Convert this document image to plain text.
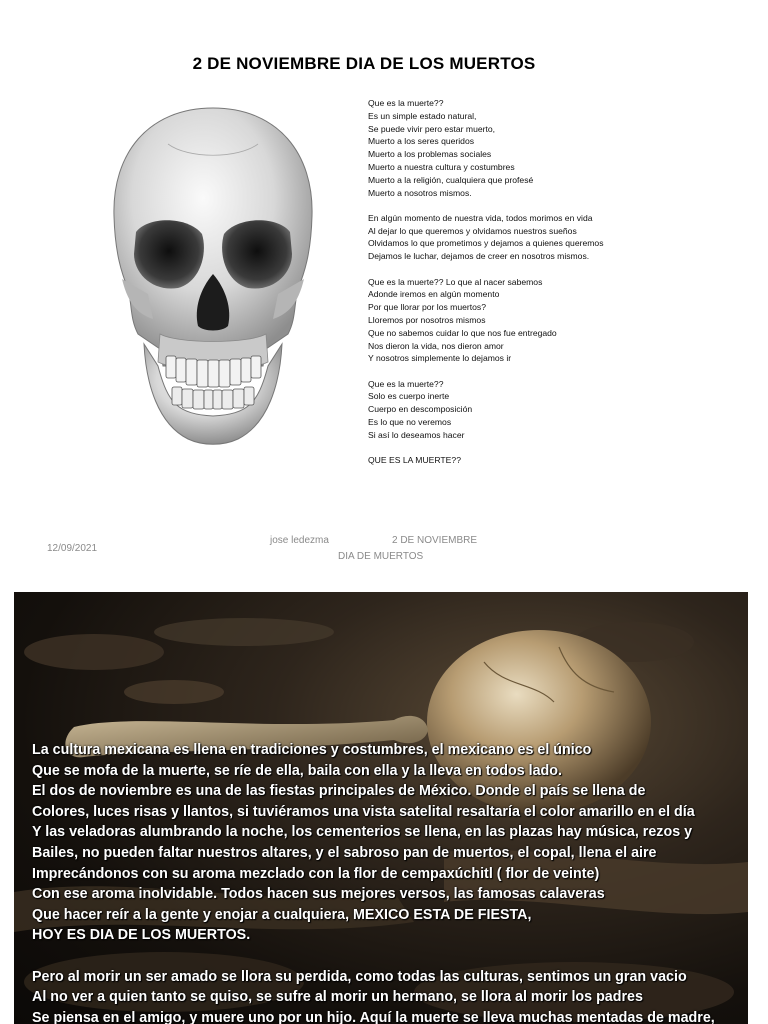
2 DE NOVIEMBRE DIA DE LOS MUERTOS
Que es la muerte??
Es un simple estado natural,
Se puede vivir pero estar muerto,
Muerto a los seres queridos
Muerto a los problemas sociales
Muerto a nuestra cultura y costumbres
Muerto a la religión, cualquiera que profesé
Muerto a nosotros mismos.
En algún momento de nuestra vida, todos morimos en vida
Al dejar lo que queremos y olvidamos nuestros sueños
Olvidamos lo que prometimos y dejamos a quienes queremos
Dejamos le luchar, dejamos de creer en nosotros mismos.
Que es la muerte?? Lo que al nacer sabemos
Adonde iremos en algún momento
Por que llorar por los muertos?
Lloremos por nosotros mismos
Que no sabemos cuidar lo que nos fue entregado
Nos dieron la vida, nos dieron amor
Y nosotros simplemente lo dejamos ir
Que es la muerte??
Solo es cuerpo inerte
Cuerpo en descomposición
Es lo que no veremos
Si así lo deseamos hacer
QUE ES LA MUERTE??
12/09/2021
jose ledezma	2 DE NOVIEMBRE
DIA DE MUERTOS
La cultura mexicana es llena en tradiciones y costumbres, el mexicano es el único
Que se mofa de la muerte, se ríe de ella, baila con ella y la lleva en todos lado.
El dos de noviembre es una de las fiestas principales de México. Donde el país se llena de
Colores, luces risas y llantos, si tuviéramos una vista satelital resaltaría el color amarillo en el día
Y las veladoras alumbrando la noche, los cementerios se llena, en las plazas hay música, rezos y
Bailes, no pueden faltar nuestros altares, y el sabroso pan de muertos, el copal, llena el aire
Imprecándonos con su aroma mezclado con la flor de cempaxúchitl ( flor de veinte)
Con ese aroma inolvidable. Todos hacen sus mejores versos, las famosas calaveras
Que hacer reír a la gente y enojar a cualquiera, MEXICO ESTA DE FIESTA,
HOY ES DIA DE LOS MUERTOS.
Pero al morir un ser amado se llora su perdida, como todas las culturas, sentimos un gran vacio
Al no ver a quien tanto se quiso, se sufre al morir un hermano, se llora al morir los padres
Se piensa en el amigo, y muere uno por un hijo. Aquí la muerte se lleva muchas mentadas de madre,
